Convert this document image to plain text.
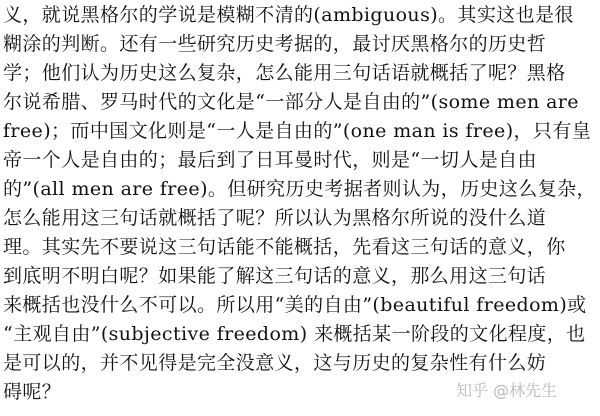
义，就说黑格尔的学说是模糊不清的(ambiguous)。其实这也是很
糊涂的判断。还有一些研究历史考据的，最讨厌黑格尔的历史哲
学；他们认为历史这么复杂，怎么能用三句话语就概括了呢？黑格
尔说希腊、罗马时代的文化是“一部分人是自由的”(some men are
free)；而中国文化则是“一人是自由的”(one man is free)，只有皇
帝一个人是自由的；最后到了日耳曼时代，则是“一切人是自由
的”(all men are free)。但研究历史考据者则认为，历史这么复杂，
怎么能用这三句话就概括了呢？所以认为黑格尔所说的没什么道
理。其实先不要说这三句话能不能概括，先看这三句话的意义，你
到底明不明白呢？如果能了解这三句话的意义，那么用这三句话
来概括也没什么不可以。所以用“美的自由”(beautiful freedom)或
“主观自由”(subjective freedom) 来概括某一阶段的文化程度，也
是可以的，并不见得是完全没意义，这与历史的复杂性有什么妨
碍呢？	知乎 @林先生
